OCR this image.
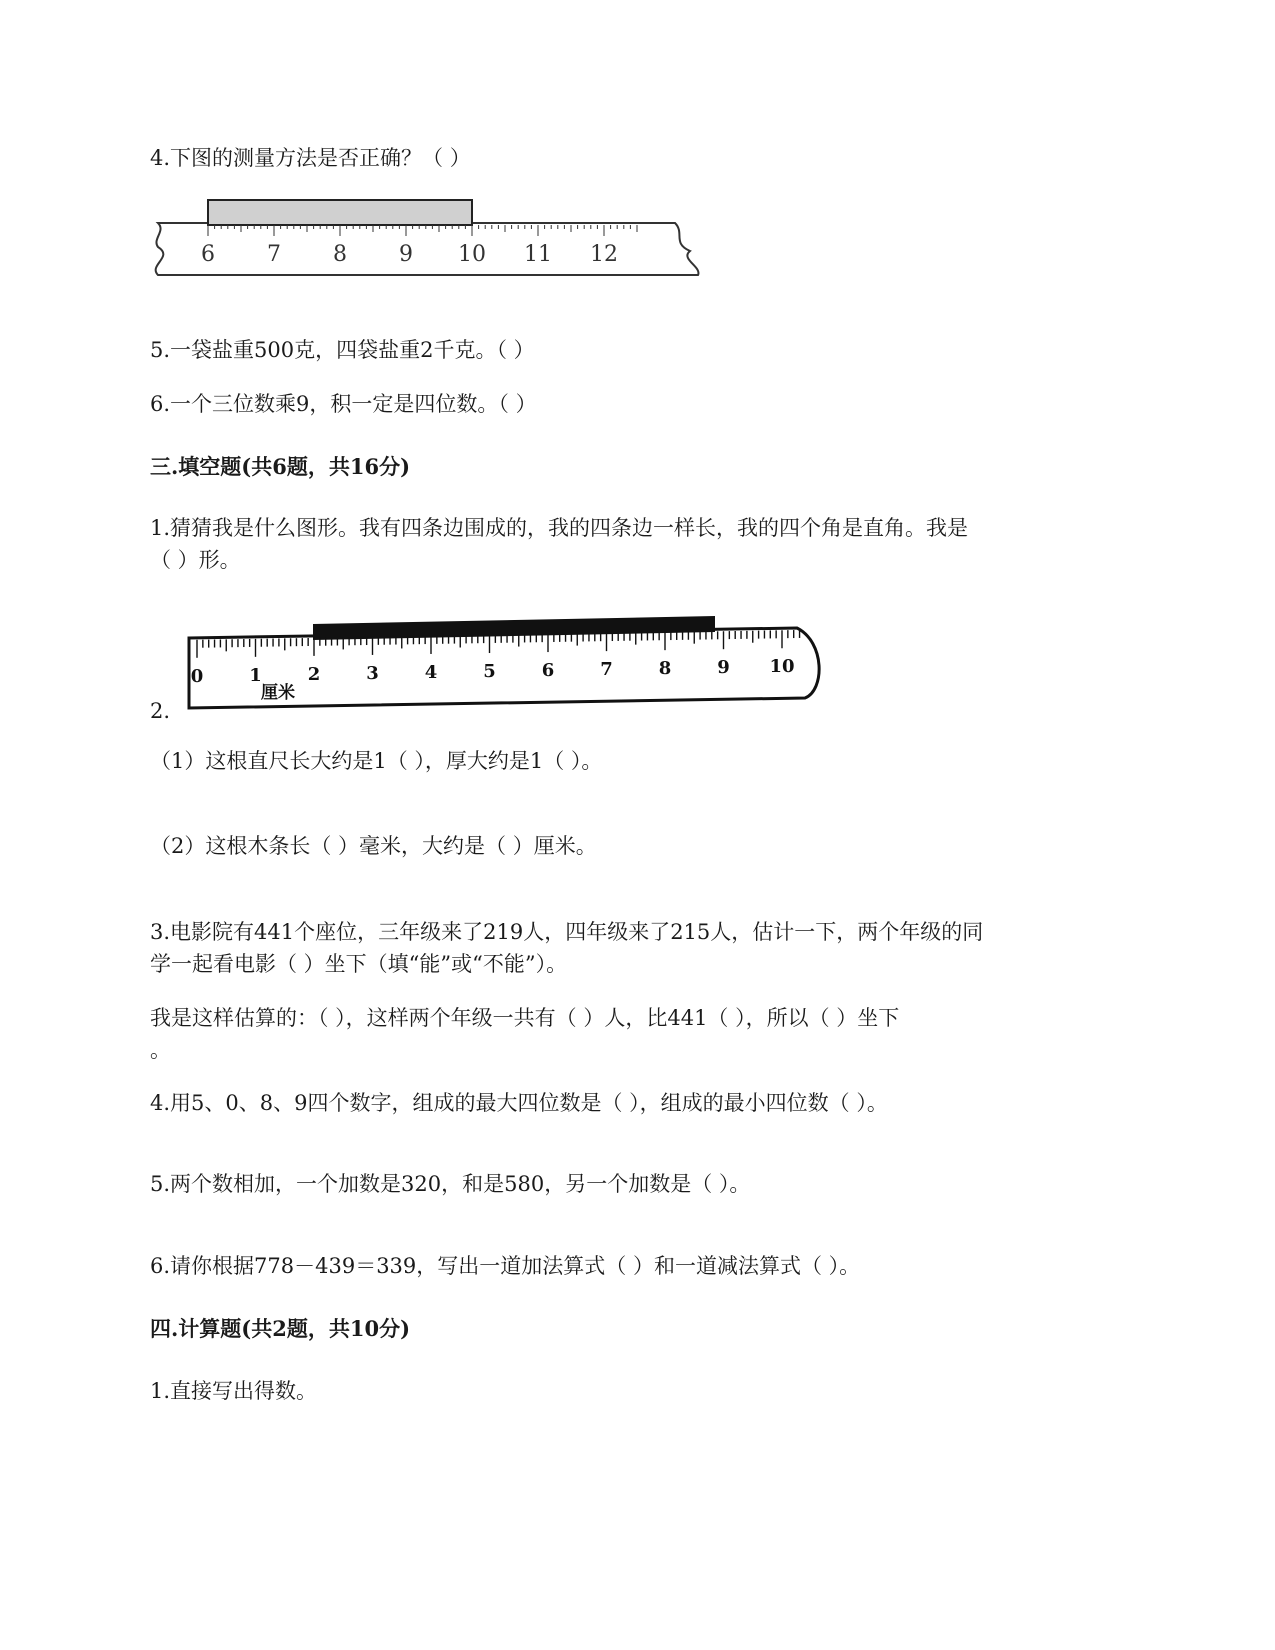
4.下图的测量方法是否正确？（ ）
6 7 8 9 10 11 12
5.一袋盐重500克，四袋盐重2千克。（ ）
6.一个三位数乘9，积一定是四位数。（ ）
三.填空题(共6题，共16分)
1.猜猜我是什么图形。我有四条边围成的，我的四条边一样长，我的四个角是直角。我是
（ ）形。
2.
0	1	2	3	4	5	6	7	8	9 10
厘米
（1）这根直尺长大约是1（ ），厚大约是1（ ）。
（2）这根木条长（ ）毫米，大约是（ ）厘米。
3.电影院有441个座位，三年级来了219人，四年级来了215人，估计一下，两个年级的同
学一起看电影（ ）坐下（填“能”或“不能”）。
我是这样估算的：（ ），这样两个年级一共有（ ）人，比441（ ），所以（ ）坐下
。
4.用5、0、8、9四个数字，组成的最大四位数是（ ），组成的最小四位数（ ）。
5.两个数相加，一个加数是320，和是580，另一个加数是（ ）。
6.请你根据778－439＝339，写出一道加法算式（ ）和一道减法算式（ ）。
四.计算题(共2题，共10分)
1.直接写出得数。
